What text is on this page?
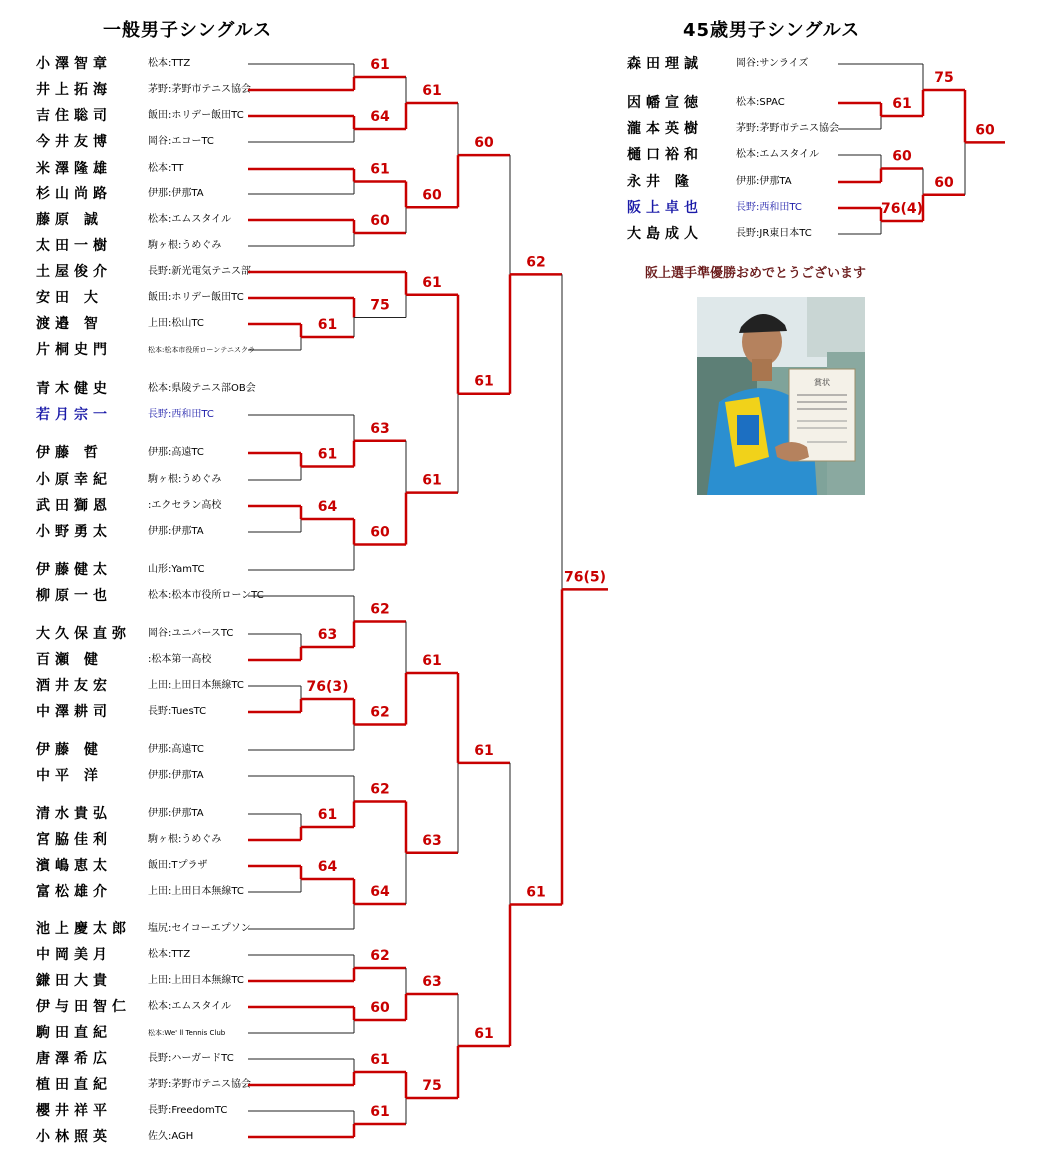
一般男子シングルス	45歳男子シングルス
小澤智章	松本:TTZ
井上拓海	茅野:茅野市テニス協会
吉住聡司	飯田:ホリデー飯田TC
今井友博	岡谷:エコーTC
米澤隆雄	松本:TT
杉山尚路	伊那:伊那TA
藤原 誠	松本:エムスタイル
太田一樹	駒ヶ根:うめぐみ
土屋俊介	長野:新光電気テニス部
安田 大	飯田:ホリデー飯田TC
渡邉 智	上田:松山TC
片桐史門	松本:松本市役所ローンテニスクラ
青木健史	松本:県陵テニス部OB会
若月宗一	長野:西和田TC
伊藤 哲	伊那:高遠TC
小原幸紀	駒ヶ根:うめぐみ
武田獅恩	:エクセラン高校
小野勇太	伊那:伊那TA
伊藤健太	山形:YamTC
柳原一也	松本:松本市役所ローンTC
大久保直弥 岡谷:ユニバースTC
百瀬 健	:松本第一高校
酒井友宏	上田:上田日本無線TC
中澤耕司	長野:TuesTC
伊藤 健	伊那:高遠TC
中平 洋	伊那:伊那TA
清水貴弘	伊那:伊那TA
宮脇佳利	駒ヶ根:うめぐみ
濱嶋恵太	飯田:Tプラザ
富松雄介	上田:上田日本無線TC
池上慶太郎 塩尻:セイコーエプソン
中岡美月	松本:TTZ
鎌田大貴	上田:上田日本無線TC
伊与田智仁 松本:エムスタイル
駒田直紀	松本:We' ll Tennis Club
唐澤希広	長野:ハーガードTC
植田直紀	茅野:茅野市テニス協会
櫻井祥平	長野:FreedomTC
小林照英	佐久:AGH
森田理誠	岡谷:サンライズ
因幡宣徳	松本:SPAC
瀧本英樹	茅野:茅野市テニス協会
樋口裕和	松本:エムスタイル
永井 隆	伊那:伊那TA
阪上卓也	長野:西和田TC
大島成人	長野:JR東日本TC
61
64
61
61
60
60
60
61
75
61
61
63
64
60
61
61
62
63
62
76(3)
62
61
61
62
64
64
63
61
62
60
63
61
61
75
61
61
76(5)
61
75
60
76(4)
60
60
阪上選手準優勝おめでとうございます
賞状
